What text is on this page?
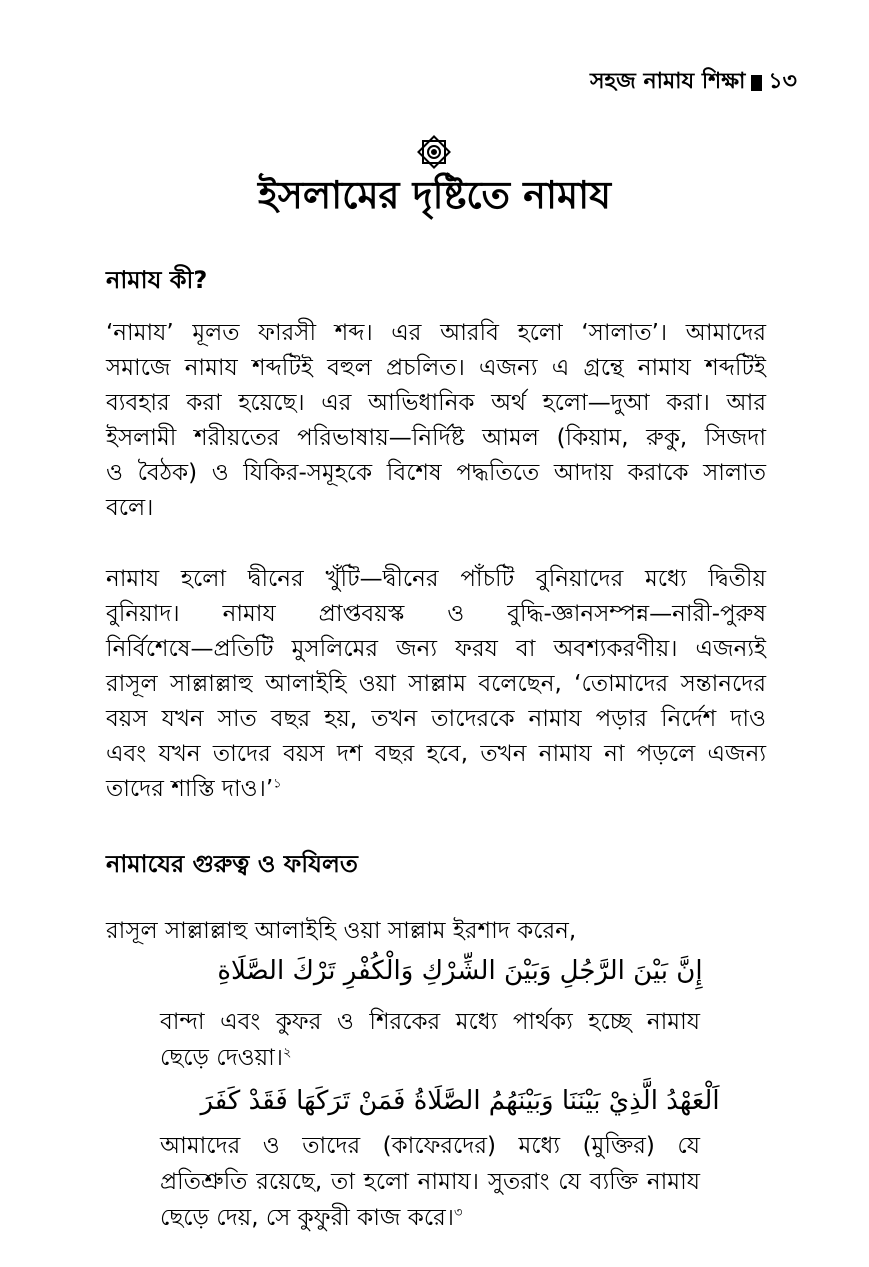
সহজ নামায শিক্ষা ১৩
ইসলামের দৃষ্টিতে নামায
নামায কী?

‘নামায’ মূলত ফারসী শব্দ। এর আরবি হলো ‘সালাত’। আমাদের
সমাজে নামায শব্দটিই বহুল প্রচলিত। এজন্য এ গ্রন্থে নামায শব্দটিই
ব্যবহার করা হয়েছে। এর আভিধানিক অর্থ হলো—দুআ করা। আর
ইসলামী শরীয়তের পরিভাষায়—নির্দিষ্ট আমল (কিয়াম, রুকু, সিজদা
ও বৈঠক) ও যিকির-সমূহকে বিশেষ পদ্ধতিতে আদায় করাকে সালাত
বলে।

নামায হলো দ্বীনের খুঁটি—দ্বীনের পাঁচটি বুনিয়াদের মধ্যে দ্বিতীয়
বুনিয়াদ। নামায প্রাপ্তবয়স্ক ও বুদ্ধি-জ্ঞানসম্পন্ন—নারী-পুরুষ
নির্বিশেষে—প্রতিটি মুসলিমের জন্য ফরয বা অবশ্যকরণীয়। এজন্যই
রাসূল সাল্লাল্লাহু আলাইহি ওয়া সাল্লাম বলেছেন, ‘তোমাদের সন্তানদের
বয়স যখন সাত বছর হয়, তখন তাদেরকে নামায পড়ার নির্দেশ দাও
এবং যখন তাদের বয়স দশ বছর হবে, তখন নামায না পড়লে এজন্য
তাদের শাস্তি দাও।’$^১$

নামাযের গুরুত্ব ও ফযিলত
রাসূল সাল্লাল্লাহু আলাইহি ওয়া সাল্লাম ইরশাদ করেন,
إِنَّ بَيْنَ الرَّجُلِ وَبَيْنَ الشِّرْكِ وَالْكُفْرِ تَرْكَ الصَّلَاةِ

বান্দা এবং কুফর ও শিরকের মধ্যে পার্থক্য হচ্ছে নামায
ছেড়ে দেওয়া।$^২$

اَلْعَهْدُ الَّذِيْ بَيْنَنَا وَبَيْنَهُمُ الصَّلَاةُ فَمَنْ تَرَكَهَا فَقَدْ كَفَرَ

আমাদের ও তাদের (কাফেরদের) মধ্যে (মুক্তির) যে
প্রতিশ্রুতি রয়েছে, তা হলো নামায। সুতরাং যে ব্যক্তি নামায
ছেড়ে দেয়, সে কুফুরী কাজ করে।$^৩$
